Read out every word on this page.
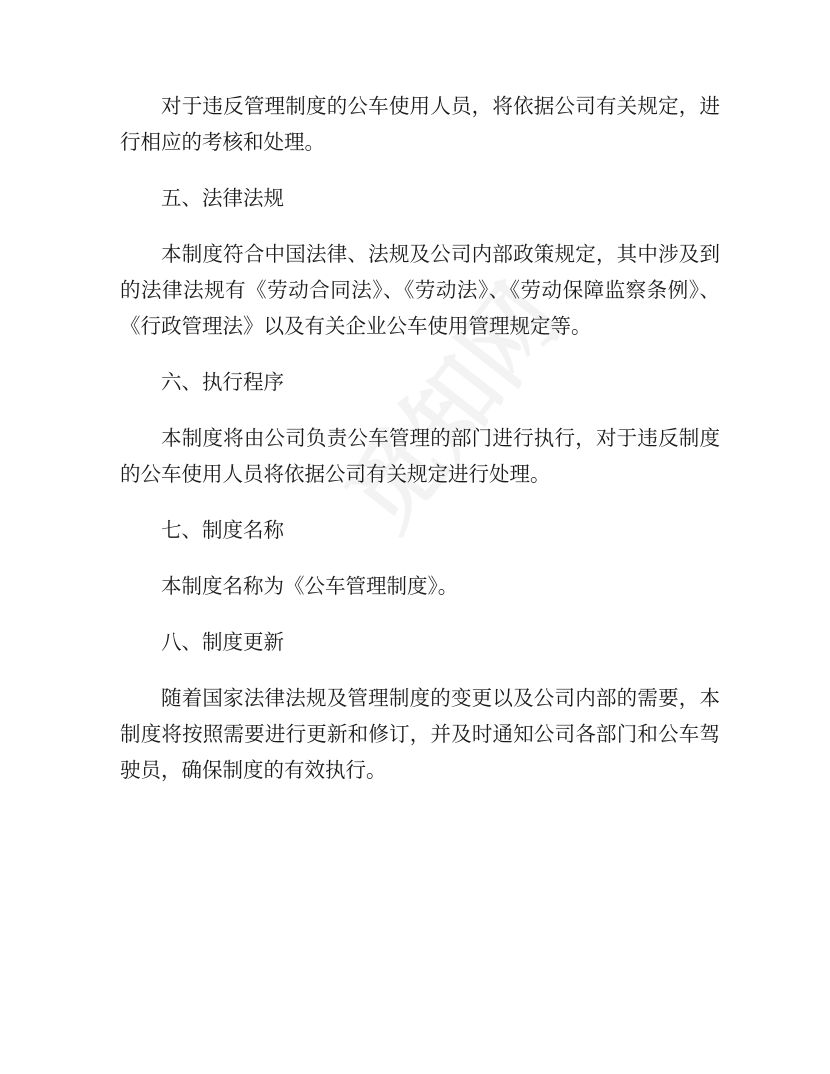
对于违反管理制度的公车使用人员，将依据公司有关规定，进行相应的考核和处理。

五、法律法规

本制度符合中国法律、法规及公司内部政策规定，其中涉及到的法律法规有《劳动合同法》、《劳动法》、《劳动保障监察条例》、《行政管理法》以及有关企业公车使用管理规定等。

六、执行程序

本制度将由公司负责公车管理的部门进行执行，对于违反制度的公车使用人员将依据公司有关规定进行处理。

七、制度名称

本制度名称为《公车管理制度》。

八、制度更新

随着国家法律法规及管理制度的变更以及公司内部的需要，本制度将按照需要进行更新和修订，并及时通知公司各部门和公车驾驶员，确保制度的有效执行。
